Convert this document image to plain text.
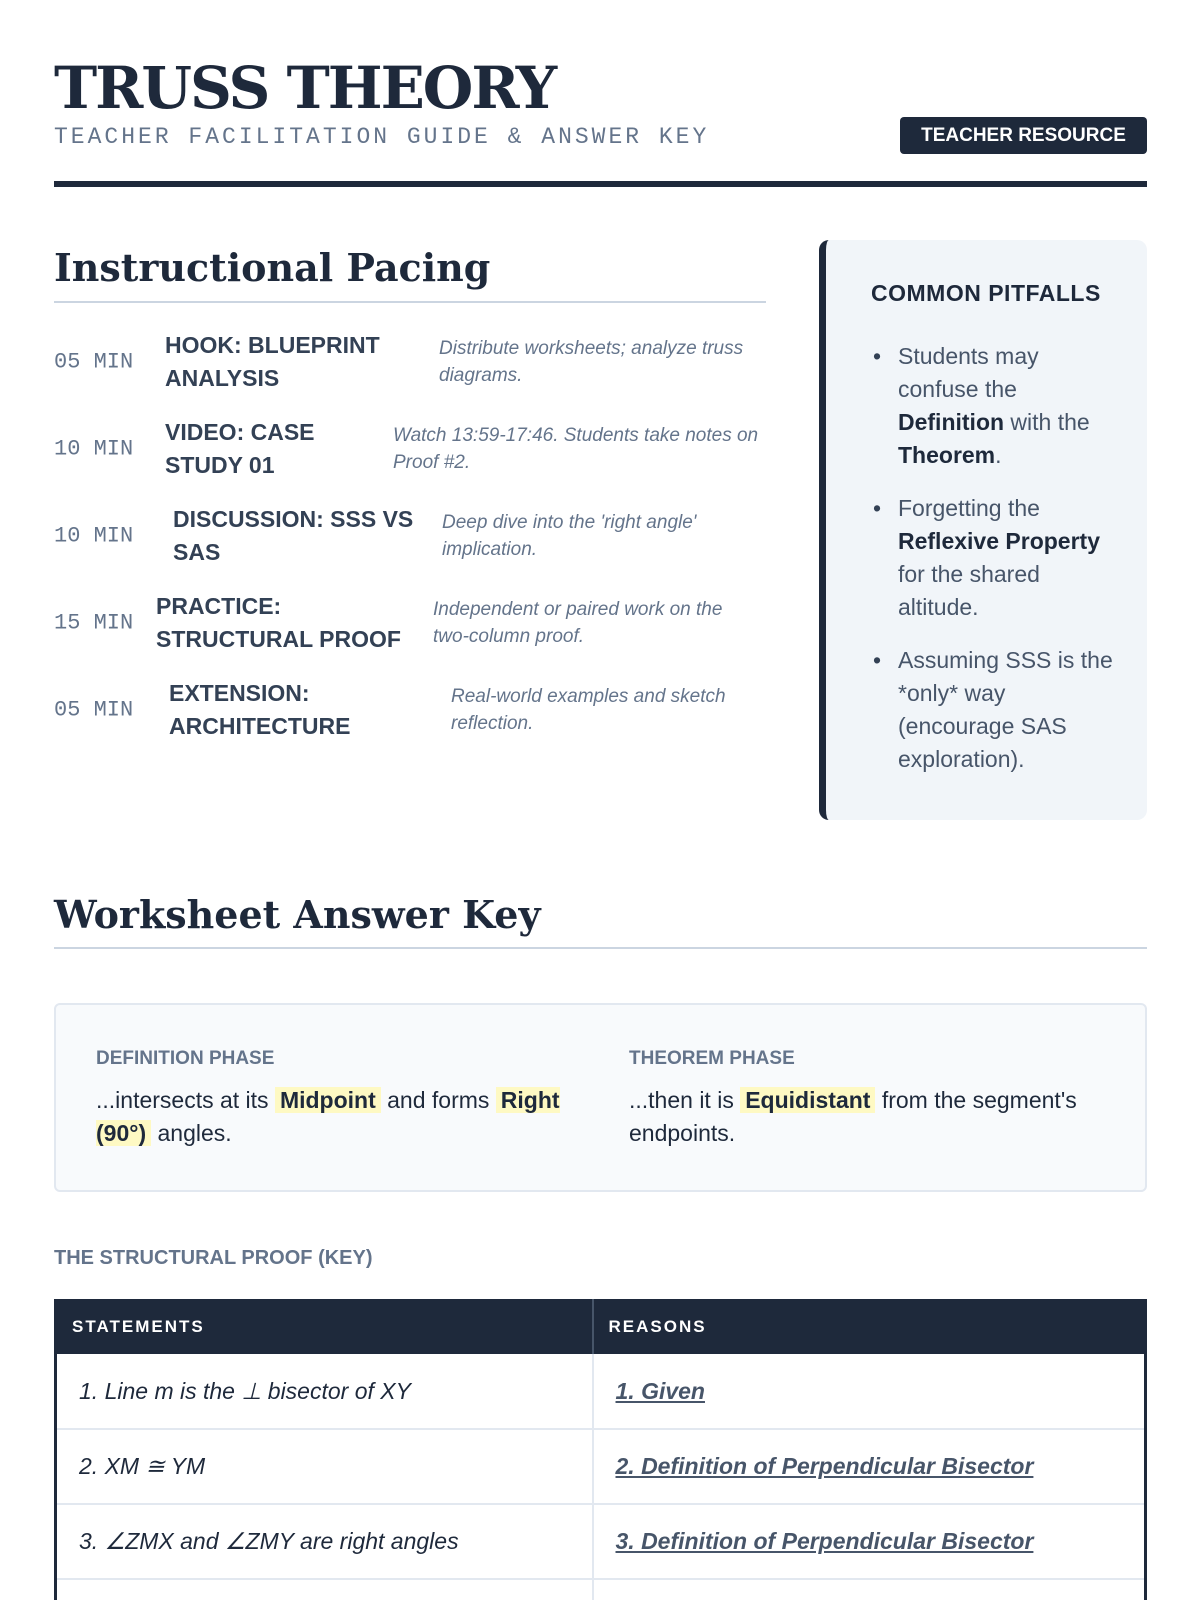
TRUSS THEORY
TEACHER FACILITATION GUIDE & ANSWER KEY	TEACHER RESOURCE
Instructional Pacing
05 MIN
HOOK: BLUEPRINT ANALYSIS
Distribute worksheets; analyze truss diagrams.
10 MIN
VIDEO: CASE STUDY 01
Watch 13:59-17:46. Students take notes on Proof #2.
10 MIN
DISCUSSION: SSS VS SAS
Deep dive into the 'right angle' implication.
15 MIN
PRACTICE: STRUCTURAL PROOF
Independent or paired work on the two-column proof.
05 MIN
EXTENSION: ARCHITECTURE
Real-world examples and sketch reflection.
COMMON PITFALLS
• Students may confuse the Definition with the Theorem.
• Forgetting the Reflexive Property for the shared altitude.
• Assuming SSS is the *only* way (encourage SAS exploration).
Worksheet Answer Key
DEFINITION PHASE
...intersects at its Midpoint and forms Right (90°) angles.
THEOREM PHASE
...then it is Equidistant from the segment's endpoints.
THE STRUCTURAL PROOF (KEY)
STATEMENTS	REASONS
1. Line m is the ⊥ bisector of XY	1. Given
2. XM ≅ YM	2. Definition of Perpendicular Bisector
3. ∠ZMX and ∠ZMY are right angles	3. Definition of Perpendicular Bisector
